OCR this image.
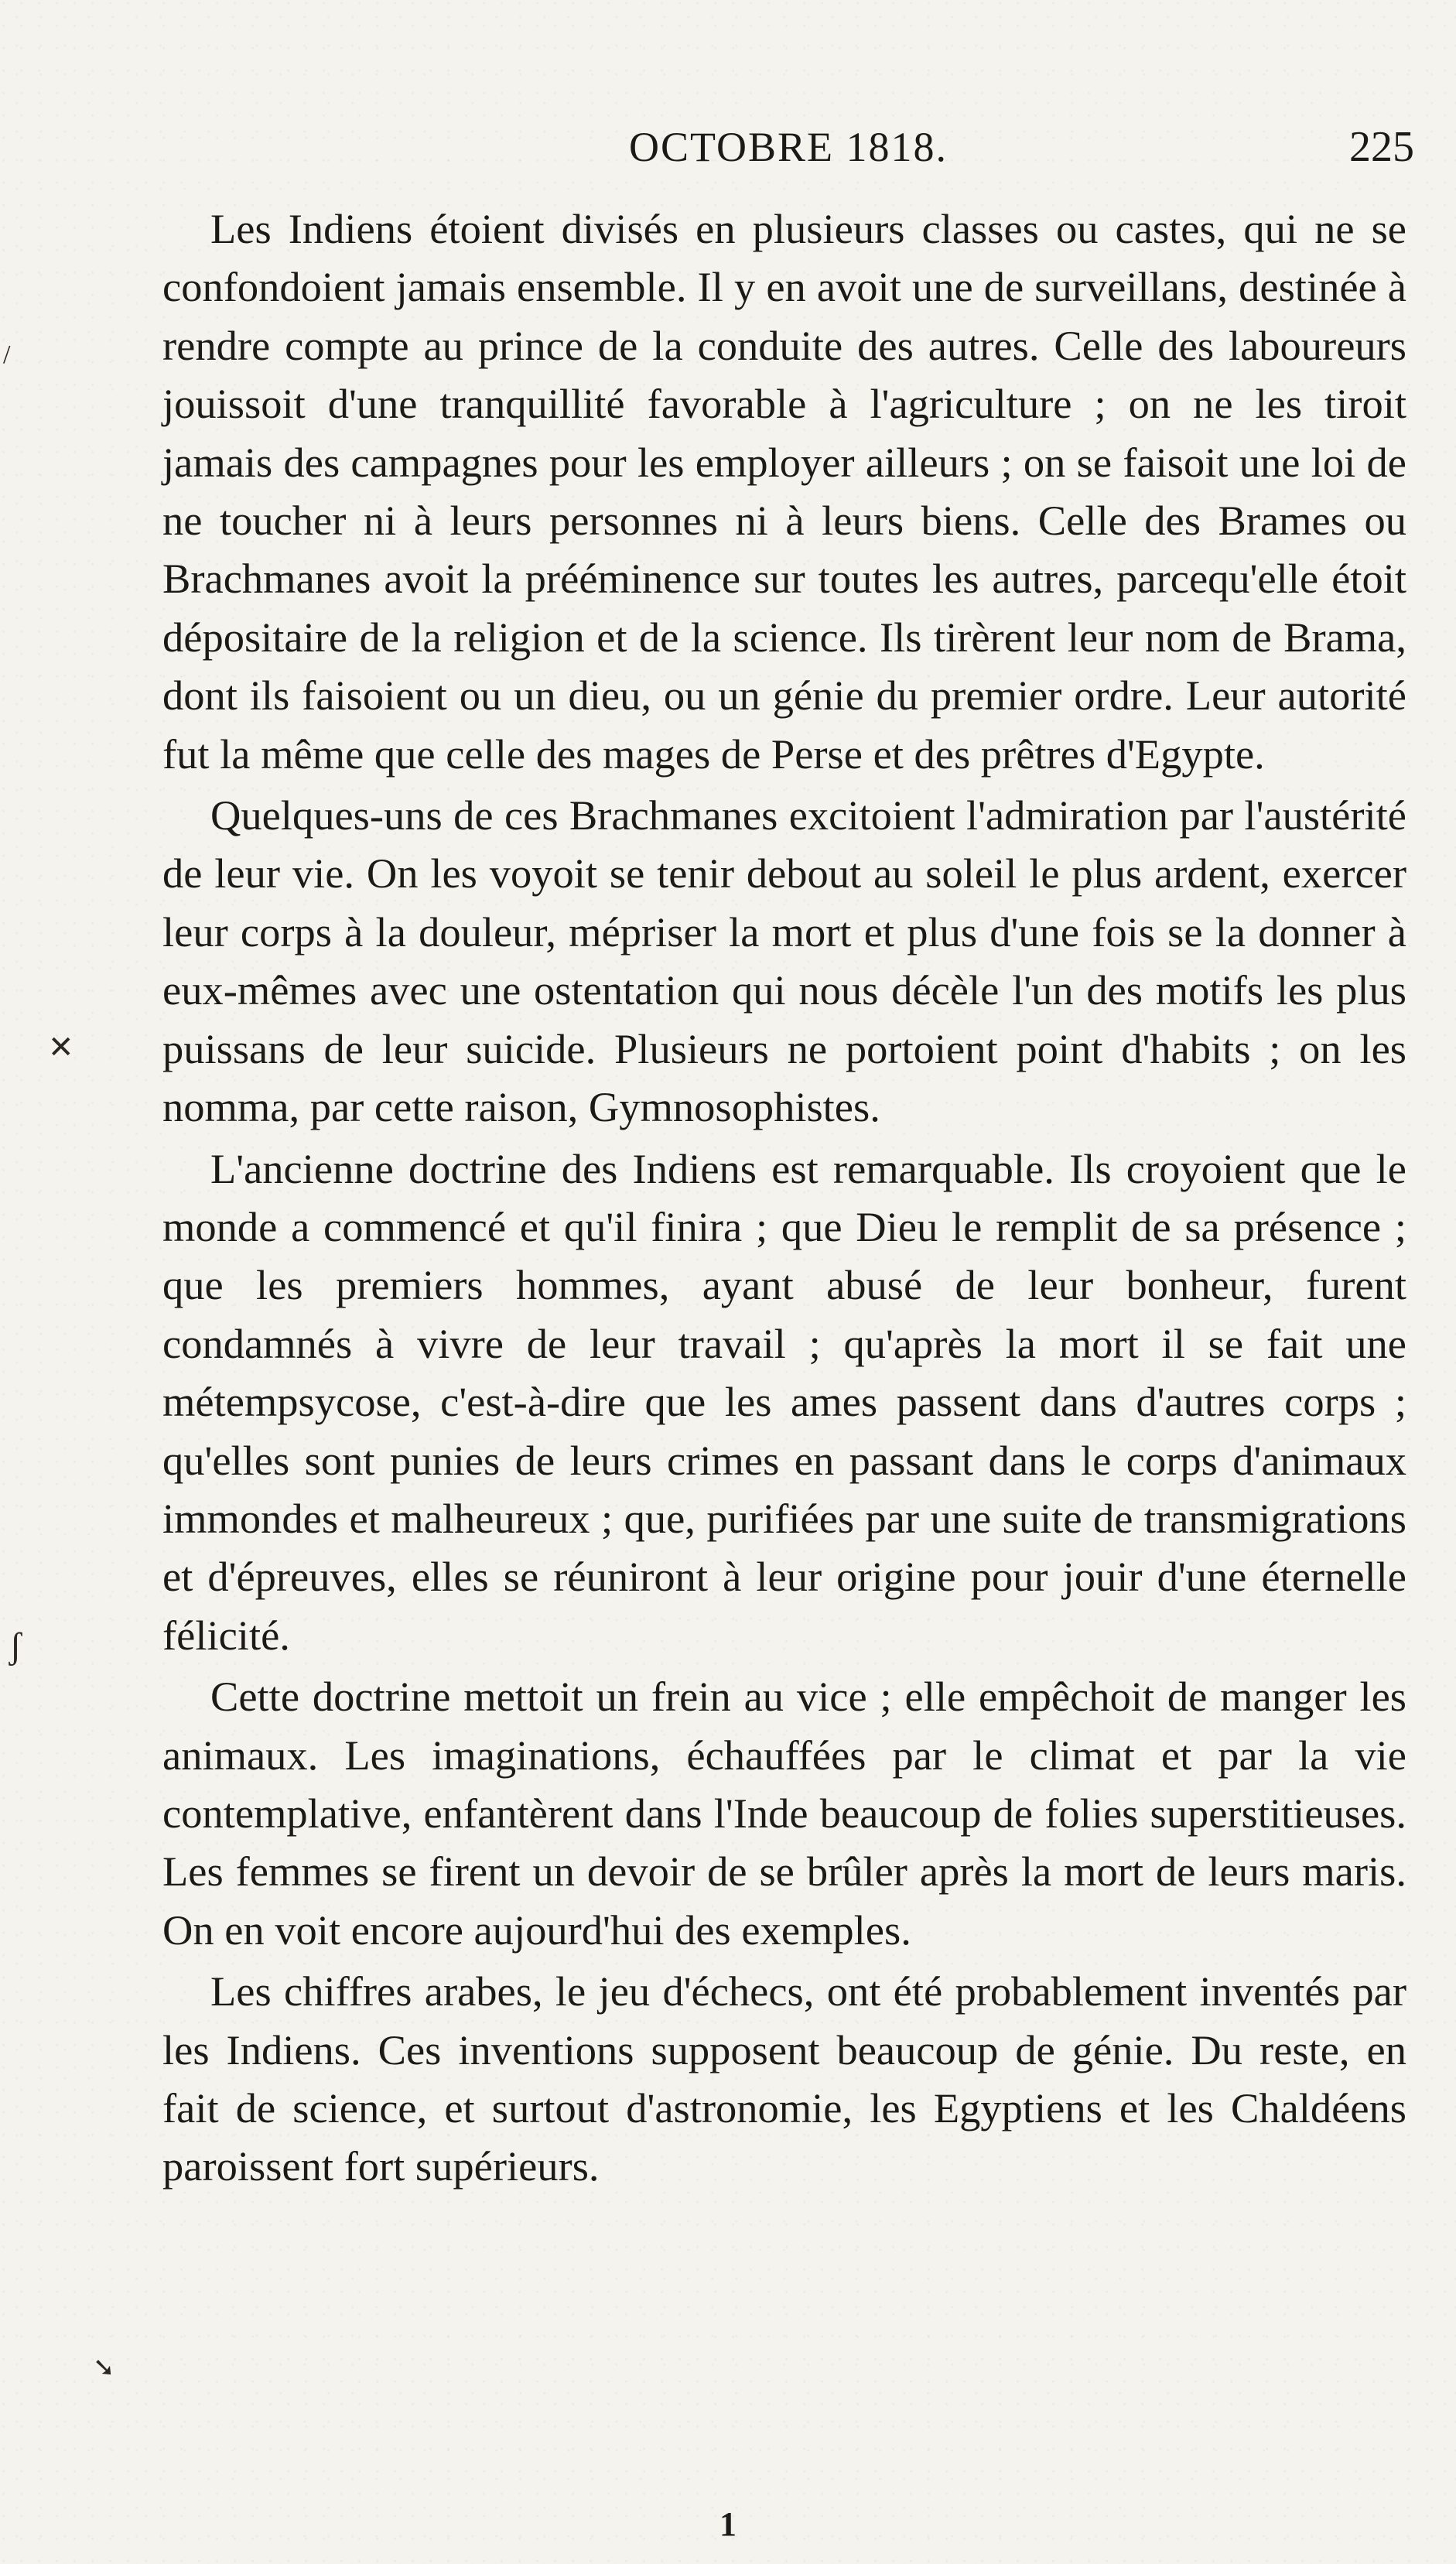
OCTOBRE 1818.	225

Les Indiens étoient divisés en plusieurs classes ou castes, qui ne se confondoient jamais ensemble. Il y en avoit une de surveillans, destinée à rendre compte au prince de la conduite des autres. Celle des laboureurs jouissoit d'une tranquillité favorable à l'agriculture ; on ne les tiroit jamais des campagnes pour les employer ailleurs ; on se faisoit une loi de ne toucher ni à leurs personnes ni à leurs biens. Celle des Brames ou Brachmanes avoit la prééminence sur toutes les autres, parcequ'elle étoit dépositaire de la religion et de la science. Ils tirèrent leur nom de Brama, dont ils faisoient ou un dieu, ou un génie du premier ordre. Leur autorité fut la même que celle des mages de Perse et des prêtres d'Egypte.

Quelques-uns de ces Brachmanes excitoient l'admiration par l'austérité de leur vie. On les voyoit se tenir debout au soleil le plus ardent, exercer leur corps à la douleur, mépriser la mort et plus d'une fois se la donner à eux-mêmes avec une ostentation qui nous décèle l'un des motifs les plus puissans de leur suicide. Plusieurs ne portoient point d'habits ; on les nomma, par cette raison, Gymnosophistes.

L'ancienne doctrine des Indiens est remarquable. Ils croyoient que le monde a commencé et qu'il finira ; que Dieu le remplit de sa présence ; que les premiers hommes, ayant abusé de leur bonheur, furent condamnés à vivre de leur travail ; qu'après la mort il se fait une métempsycose, c'est-à-dire que les ames passent dans d'autres corps ; qu'elles sont punies de leurs crimes en passant dans le corps d'animaux immondes et malheureux ; que, purifiées par une suite de transmigrations et d'épreuves, elles se réuniront à leur origine pour jouir d'une éternelle félicité.

Cette doctrine mettoit un frein au vice ; elle empêchoit de manger les animaux. Les imaginations, échauffées par le climat et par la vie contemplative, enfantèrent dans l'Inde beaucoup de folies superstitieuses. Les femmes se firent un devoir de se brûler après la mort de leurs maris. On en voit encore aujourd'hui des exemples.

Les chiffres arabes, le jeu d'échecs, ont été probablement inventés par les Indiens. Ces inventions supposent beaucoup de génie. Du reste, en fait de science, et surtout d'astronomie, les Egyptiens et les Chaldéens paroissent fort supérieurs.

1
✕
/
ʃ
➘
